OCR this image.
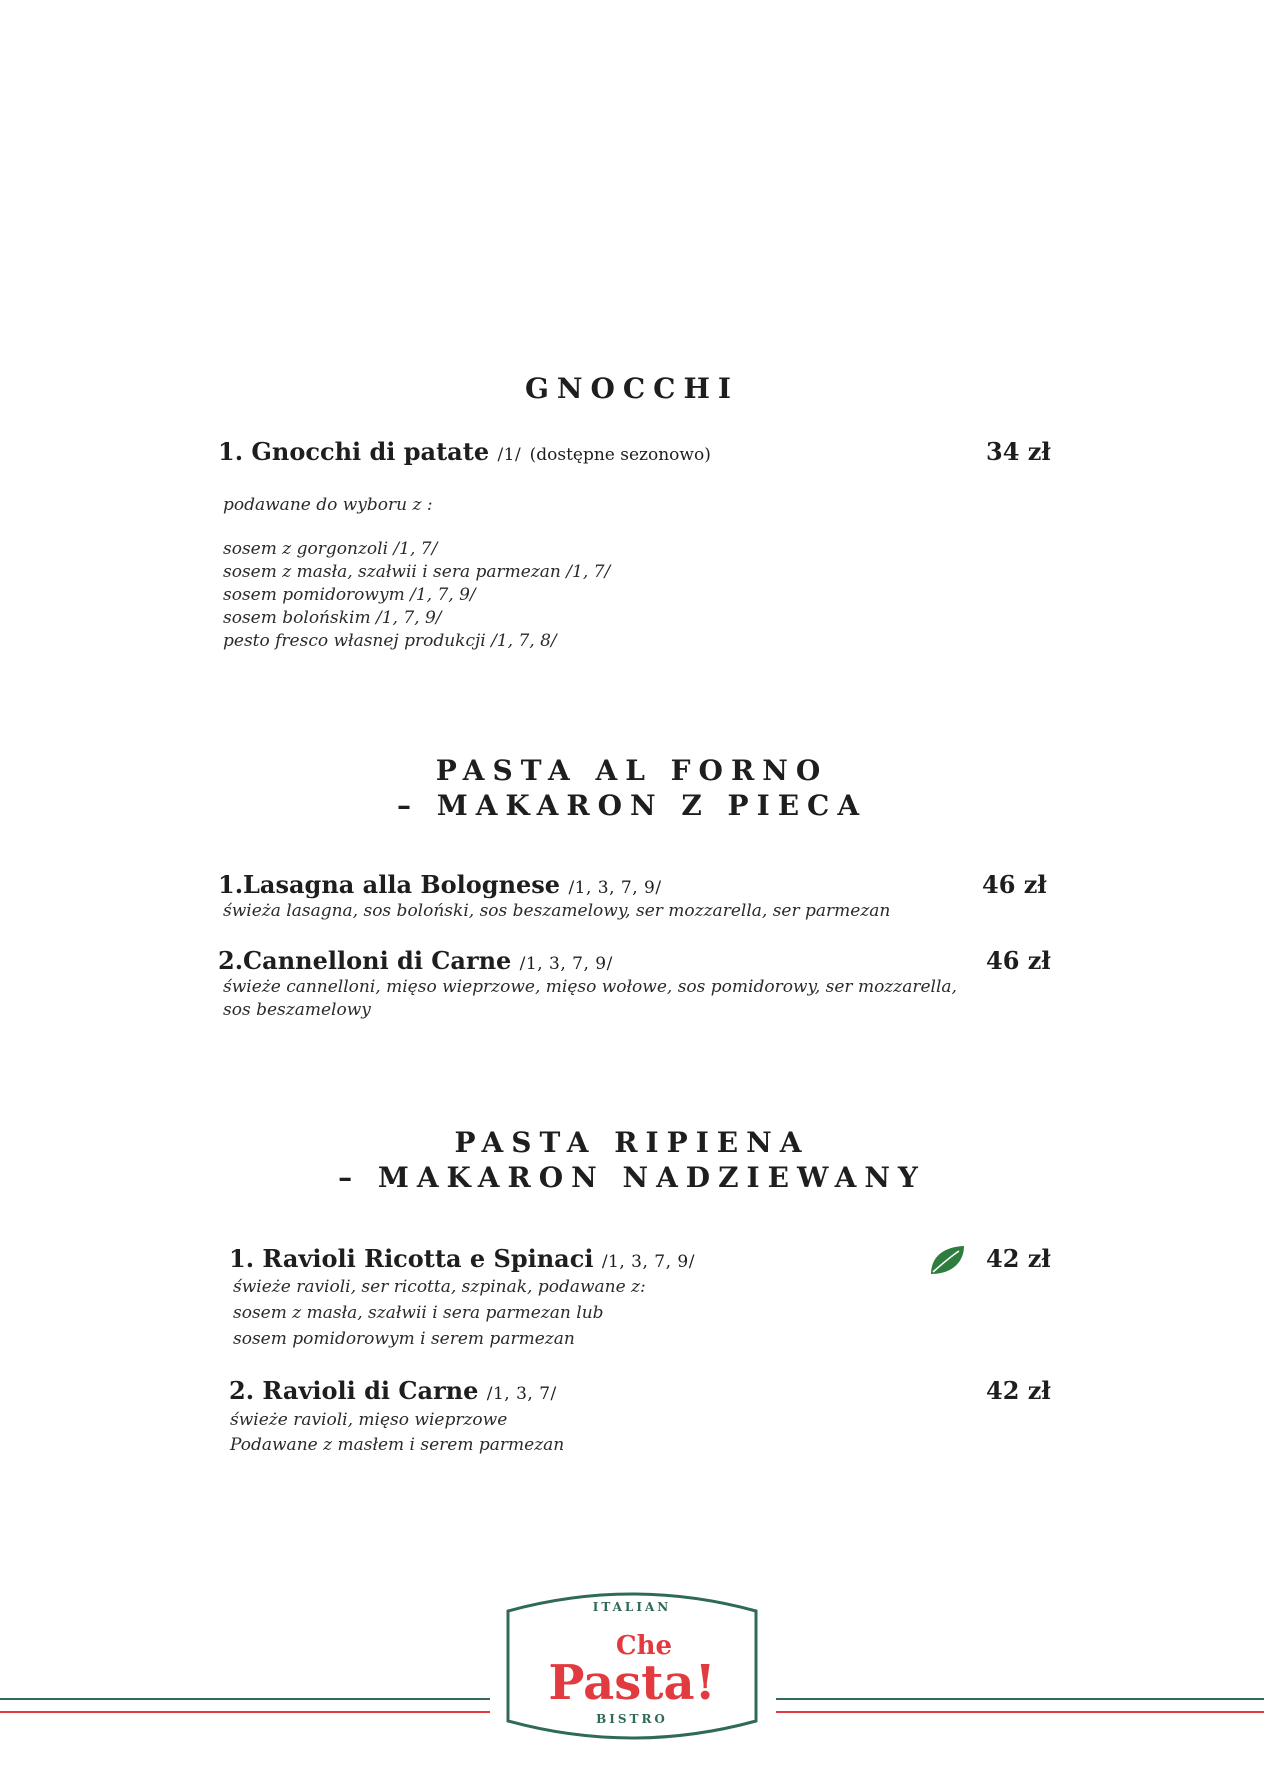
GNOCCHI
1. Gnocchi di patate /1/ (dostępne sezonowo)	34 zł
podawane do wyboru z :
sosem z gorgonzoli /1, 7/
sosem z masła, szałwii i sera parmezan /1, 7/
sosem pomidorowym /1, 7, 9/
sosem bolońskim /1, 7, 9/
pesto fresco własnej produkcji /1, 7, 8/
PASTA AL FORNO
– MAKARON Z PIECA
1.Lasagna alla Bolognese /1, 3, 7, 9/	46 zł
świeża lasagna, sos boloński, sos beszamelowy, ser mozzarella, ser parmezan
2.Cannelloni di Carne /1, 3, 7, 9/	46 zł
świeże cannelloni, mięso wieprzowe, mięso wołowe, sos pomidorowy, ser mozzarella,
sos beszamelowy
PASTA RIPIENA
– MAKARON NADZIEWANY
1. Ravioli Ricotta e Spinaci /1, 3, 7, 9/	42 zł
świeże ravioli, ser ricotta, szpinak, podawane z:
sosem z masła, szałwii i sera parmezan lub
sosem pomidorowym i serem parmezan
2. Ravioli di Carne /1, 3, 7/	42 zł
świeże ravioli, mięso wieprzowe
Podawane z masłem i serem parmezan
ITALIAN
Che
Pasta!
BISTRO
